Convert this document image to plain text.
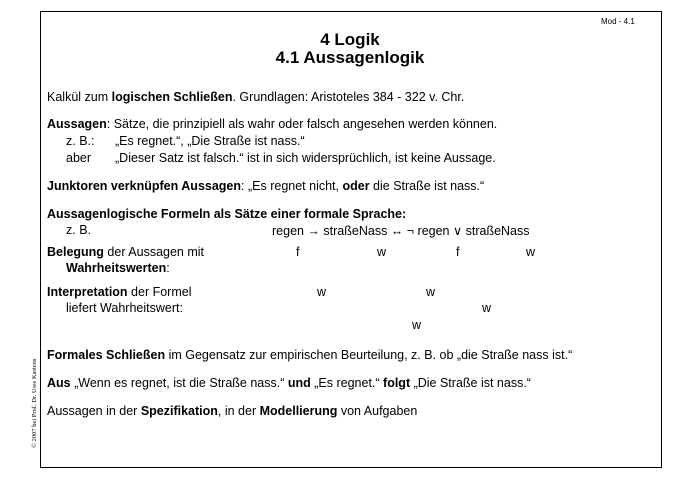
Mod - 4.1
© 2007 bei Prof. Dr. Uwe Kastens
4 Logik
4.1 Aussagenlogik
Kalkül zum logischen Schließen. Grundlagen: Aristoteles 384 - 322 v. Chr.
Aussagen: Sätze, die prinzipiell als wahr oder falsch angesehen werden können.
z. B.: „Es regnet.“, „Die Straße ist nass.“
aber „Dieser Satz ist falsch.“ ist in sich widersprüchlich, ist keine Aussage.
Junktoren verknüpfen Aussagen: „Es regnet nicht, oder die Straße ist nass.“
Aussagenlogische Formeln als Sätze einer formale Sprache:
z. B.	regen → straßeNass ↔ ¬ regen ∨ straßeNass
Belegung der Aussagen mit
Wahrheitswerten:
f	w	f	w
Interpretation der Formel
liefert Wahrheitswert:
w	w
w
w
Formales Schließen im Gegensatz zur empirischen Beurteilung, z. B. ob „die Straße nass ist.“
Aus „Wenn es regnet, ist die Straße nass.“ und „Es regnet.“ folgt „Die Straße ist nass.“
Aussagen in der Spezifikation, in der Modellierung von Aufgaben
